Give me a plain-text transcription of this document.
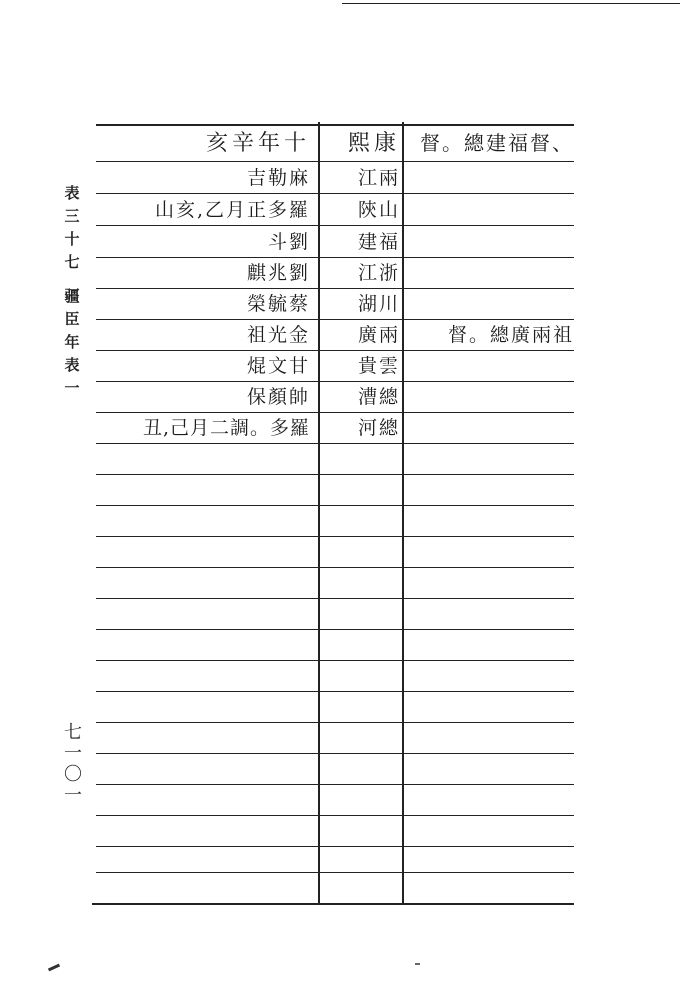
表三十七
疆臣年表一
七一〇一
亥辛年十	熙康	督。總建福督、
吉勒麻	江兩
山亥,乙月正多羅	陝山
斗劉	建福
麒兆劉	江浙
榮毓蔡	湖川
祖光金	廣兩	督。總廣兩祖
焜文甘	貴雲
保顏帥	漕總
丑,己月二調。多羅	河總
